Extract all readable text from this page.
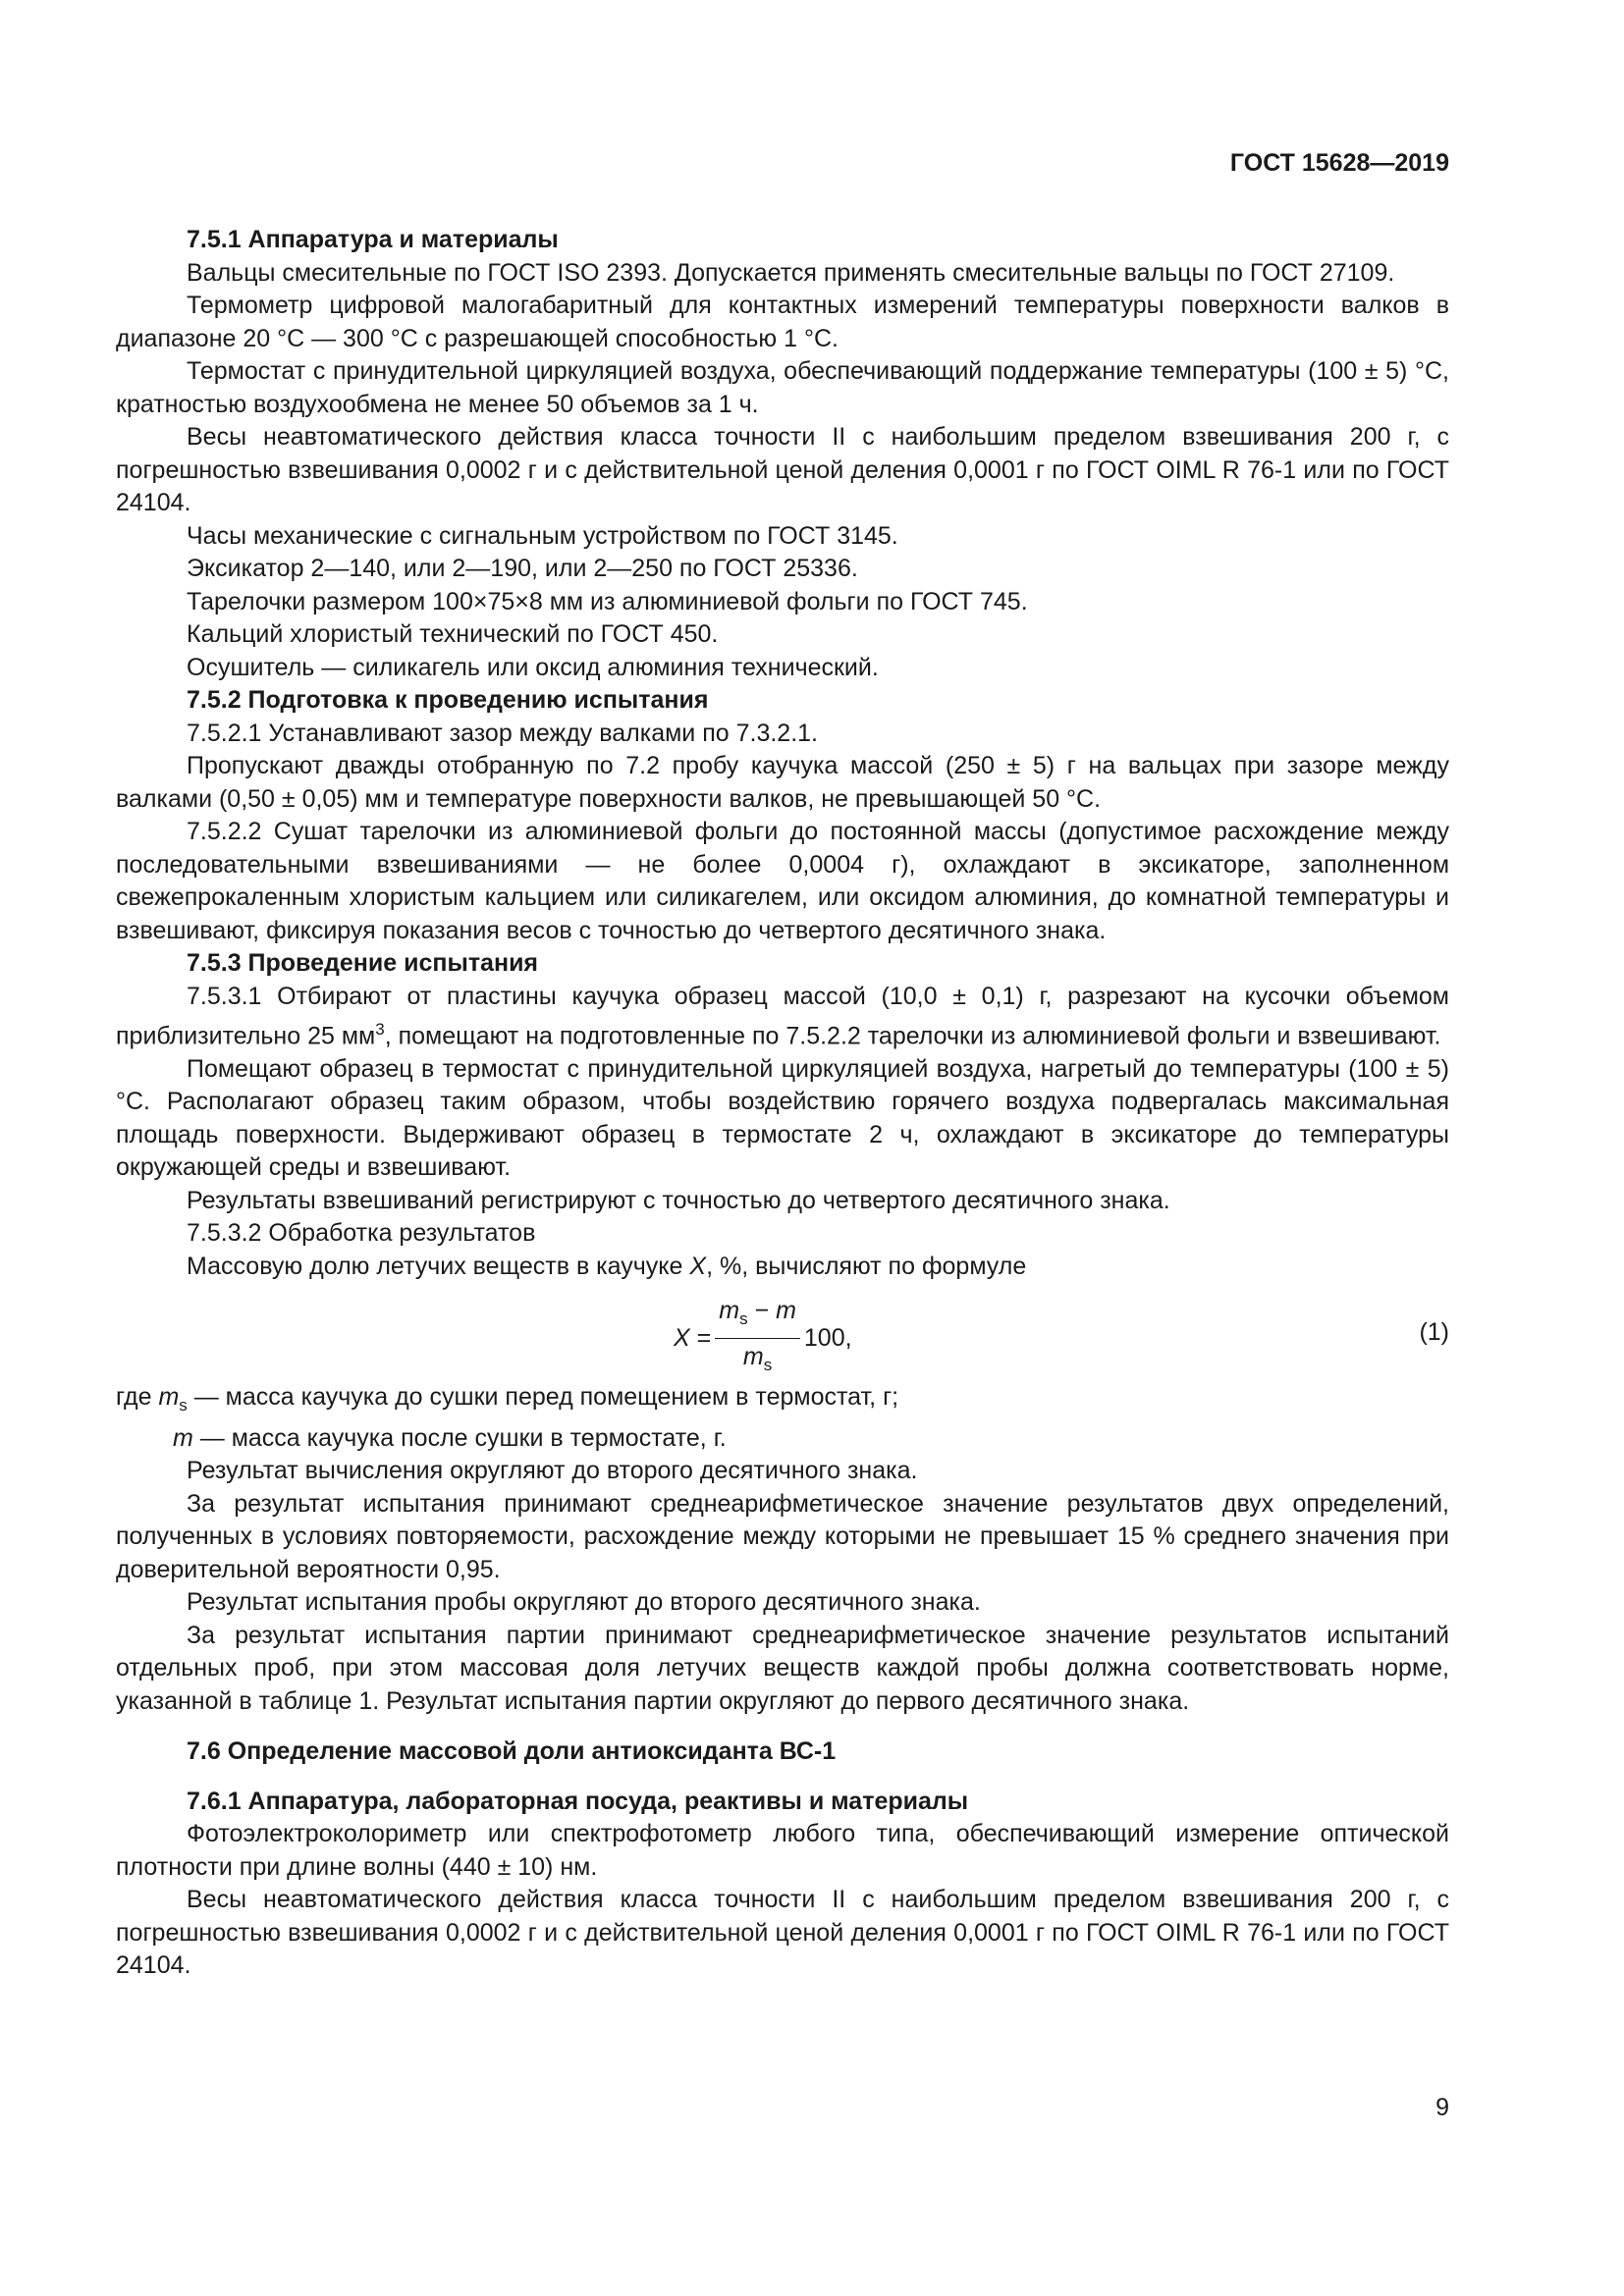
ГОСТ 15628—2019

7.5.1 Аппаратура и материалы

Вальцы смесительные по ГОСТ ISO 2393. Допускается применять смесительные вальцы по ГОСТ 27109.

Термометр цифровой малогабаритный для контактных измерений температуры поверхности валков в диапазоне 20 °С — 300 °С с разрешающей способностью 1 °С.

Термостат с принудительной циркуляцией воздуха, обеспечивающий поддержание температуры (100 ± 5) °С, кратностью воздухообмена не менее 50 объемов за 1 ч.

Весы неавтоматического действия класса точности II с наибольшим пределом взвешивания 200 г, с погрешностью взвешивания 0,0002 г и с действительной ценой деления 0,0001 г по ГОСТ OIML R 76-1 или по ГОСТ 24104.

Часы механические с сигнальным устройством по ГОСТ 3145.

Эксикатор 2—140, или 2—190, или 2—250 по ГОСТ 25336.

Тарелочки размером 100×75×8 мм из алюминиевой фольги по ГОСТ 745.

Кальций хлористый технический по ГОСТ 450.

Осушитель — силикагель или оксид алюминия технический.

7.5.2 Подготовка к проведению испытания

7.5.2.1 Устанавливают зазор между валками по 7.3.2.1.

Пропускают дважды отобранную по 7.2 пробу каучука массой (250 ± 5) г на вальцах при зазоре между валками (0,50 ± 0,05) мм и температуре поверхности валков, не превышающей 50 °С.

7.5.2.2 Сушат тарелочки из алюминиевой фольги до постоянной массы (допустимое расхождение между последовательными взвешиваниями — не более 0,0004 г), охлаждают в эксикаторе, заполненном свежепрокаленным хлористым кальцием или силикагелем, или оксидом алюминия, до комнатной температуры и взвешивают, фиксируя показания весов с точностью до четвертого десятичного знака.

7.5.3 Проведение испытания

7.5.3.1 Отбирают от пластины каучука образец массой (10,0 ± 0,1) г, разрезают на кусочки объемом приблизительно 25 $мм^3$, помещают на подготовленные по 7.5.2.2 тарелочки из алюминиевой фольги и взвешивают.

Помещают образец в термостат с принудительной циркуляцией воздуха, нагретый до температуры (100 ± 5) °С. Располагают образец таким образом, чтобы воздействию горячего воздуха подвергалась максимальная площадь поверхности. Выдерживают образец в термостате 2 ч, охлаждают в эксикаторе до температуры окружающей среды и взвешивают.

Результаты взвешиваний регистрируют с точностью до четвертого десятичного знака.

7.5.3.2 Обработка результатов

Массовую долю летучих веществ в каучуке X, %, вычисляют по формуле

X
= $\frac{m_s - m}{m_s} 100$,	(1)

где $m_s$ — масса каучука до сушки перед помещением в термостат, г;

m — масса каучука после сушки в термостате, г.

Результат вычисления округляют до второго десятичного знака.

За результат испытания принимают среднеарифметическое значение результатов двух определений, полученных в условиях повторяемости, расхождение между которыми не превышает 15 % среднего значения при доверительной вероятности 0,95.

Результат испытания пробы округляют до второго десятичного знака.

За результат испытания партии принимают среднеарифметическое значение результатов испытаний отдельных проб, при этом массовая доля летучих веществ каждой пробы должна соответствовать норме, указанной в таблице 1. Результат испытания партии округляют до первого десятичного знака.

7.6 Определение массовой доли антиоксиданта ВС-1

7.6.1 Аппаратура, лабораторная посуда, реактивы и материалы

Фотоэлектроколориметр или спектрофотометр любого типа, обеспечивающий измерение оптической плотности при длине волны (440 ± 10) нм.

Весы неавтоматического действия класса точности II с наибольшим пределом взвешивания 200 г, с погрешностью взвешивания 0,0002 г и с действительной ценой деления 0,0001 г по ГОСТ OIML R 76-1 или по ГОСТ 24104.

9
